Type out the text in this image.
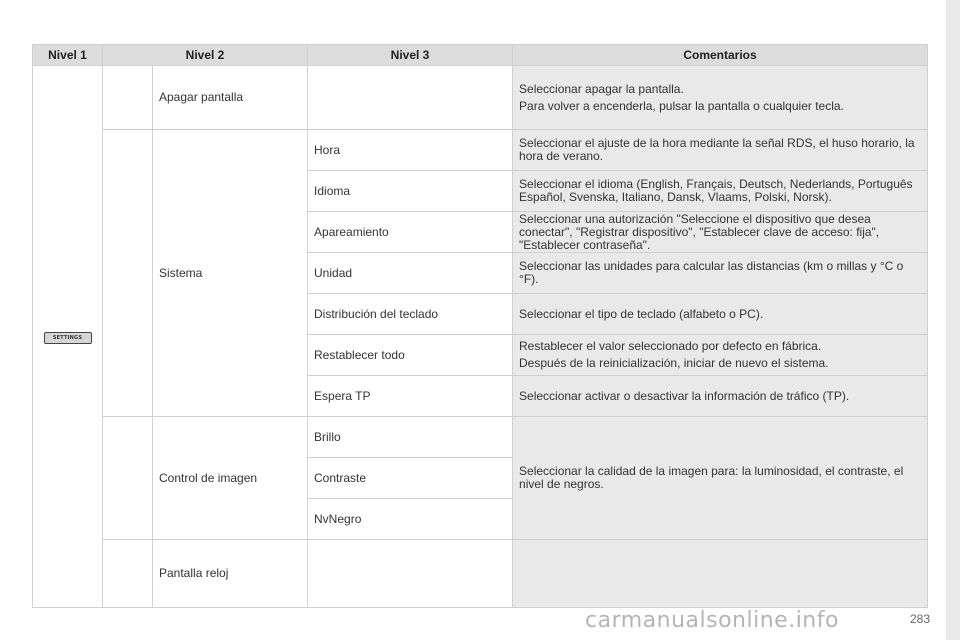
Nivel 1	Nivel 2		Nivel 3	Comentarios
SETTINGS		Apagar pantalla		Seleccionar apagar la pantalla.

Para volver a encenderla, pulsar la pantalla o cualquier tecla.

		Sistema	Hora	Seleccionar el ajuste de la hora mediante la señal RDS, el huso horario, la hora de verano.
			Idioma	Seleccionar el idioma (English, Français, Deutsch, Nederlands, Português Español, Svenska, Italiano, Dansk, Vlaams, Polski, Norsk).
			Apareamiento	Seleccionar una autorización "Seleccione el dispositivo que desea conectar", "Registrar dispositivo", "Establecer clave de acceso: fija", "Establecer contraseña".
			Unidad	Seleccionar las unidades para calcular las distancias (km o millas y °C o °F).
			Distribución del teclado	Seleccionar el tipo de teclado (alfabeto o PC).
			Restablecer todo	Restablecer el valor seleccionado por defecto en fábrica.

Después de la reinicialización, iniciar de nuevo el sistema.

			Espera TP	Seleccionar activar o desactivar la información de tráfico (TP).
		Control de imagen	Brillo	Seleccionar la calidad de la imagen para: la luminosidad, el contraste, el nivel de negros.
			Contraste	
			NvNegro	
		Pantalla reloj		
carmanualsonline.info	283
